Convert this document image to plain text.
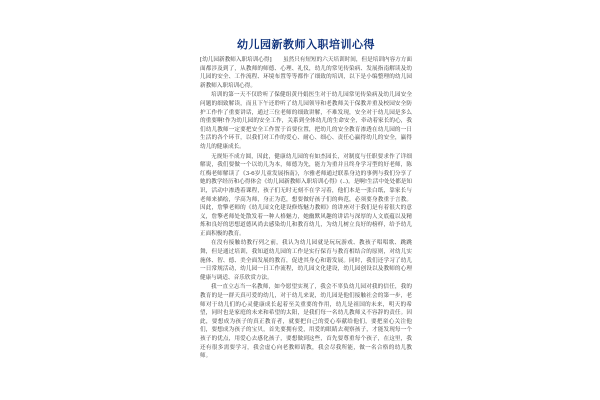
幼儿园新教师入职培训心得

[幼儿园新教师入职培训心得]　　虽然只有短短的六天培训时间，但是培训内容方方面面都涉及到了，从教师的师德、心理、礼仪，幼儿的常见传染病、发展指南解读及幼儿园的安全、工作流程、环境布置等等都作了细致的培训，以下是小编整理的幼儿园新教师入职培训心得。

培训的第一天不仅聆听了保健组黄丹娟医生对于幼儿园常见传染病及幼儿园安全问题的细致解读，而且下午还聆听了幼儿园领导和老教师关于保教并重及校园安全防护工作作了重要讲话，通过三位老师的细致讲解，不难发现，安全对于幼儿园是多么的重要啊!作为幼儿园的安全工作，关系到全体幼儿的生命安全，牵动着家长的心，我们幼儿教师一定要把安全工作置于首要位置，把幼儿的安全教育渗透在幼儿园的一日生活的各个环节，以我们对工作的爱心、耐心、细心、责任心赢得幼儿的安全，赢得幼儿的健康成长。

无规矩不成方圆，因此，健康幼儿园的有如杰园长，对制度与任职要求作了详细解说，我们要做一个以幼儿为本，师德为先，能力为重并且终身学习型的好老师，陈红梅老师解读了《3-6岁儿童发展指南》，尔雅老师通过联系身边的事例与我们分享了她的教学经历和心得体会《幼儿园新教师入职培训心得》(..)。是啊!生活中处处都是知识，活动中渗透着课程，孩子们无时无刻不在学习着，他们本是一张白纸，靠家长与老师来描绘，学高为师，身正为范，想要做好孩子们的典范，必须要身教重于言教。因此，詹擎老师的《幼儿园文化建设修炼魅力教师》的讲座对于我们是有着很大的意义，詹擎老师处处散发着一种人格魅力，她幽默风趣的讲话与深厚的人文底蕴以及精炼和良好的思想道德风尚去感染幼儿和教育幼儿，为幼儿树立良好的榜样，给予幼儿正面积极的教育。

在没有接触幼教行列之前，我认为幼儿园就是玩玩游戏、教孩子唱唱歌、跳跳舞，但是通过培训，我知道幼儿园的工作是实行保育与教育相结合的原则，对幼儿实施体、智、德、美全面发展的教育，促进其身心和谐发展。同时，我们还学习了幼儿一日常规活动，幼儿园一日工作流程，幼儿园文化建设，幼儿园创设以及教师的心理健康与调适、音乐欣赏方法。

我一直立志当一名教师，如今愿望实现了，我会不辜负幼儿园对我的信任，我的教育的是一群天真可爱的幼儿，对于幼儿来说，幼儿园是他们接触社会的第一步，老师对于幼儿们的心灵健康成长起着至关重要的作用，幼儿是祖国的未来，明天的希望，同时也是家庭的未来和希望的太阳，是我们每一名幼儿教师义不容辞的责任。因此，要想成为孩子的真正教育者，就要把自己的爱心奉献给他们，要把童心关注他们，要想成为孩子的宝贝，首先要拥有爱，用爱的眼睛去观察孩子，才能发现每一个孩子的优点，用爱心去感化孩子，要想做到这些，首先要尊重每个孩子，在这里，我还有很多需要学习，我会虚心向老教师请教，我会尽我所能，做一名合格的幼儿教师。
